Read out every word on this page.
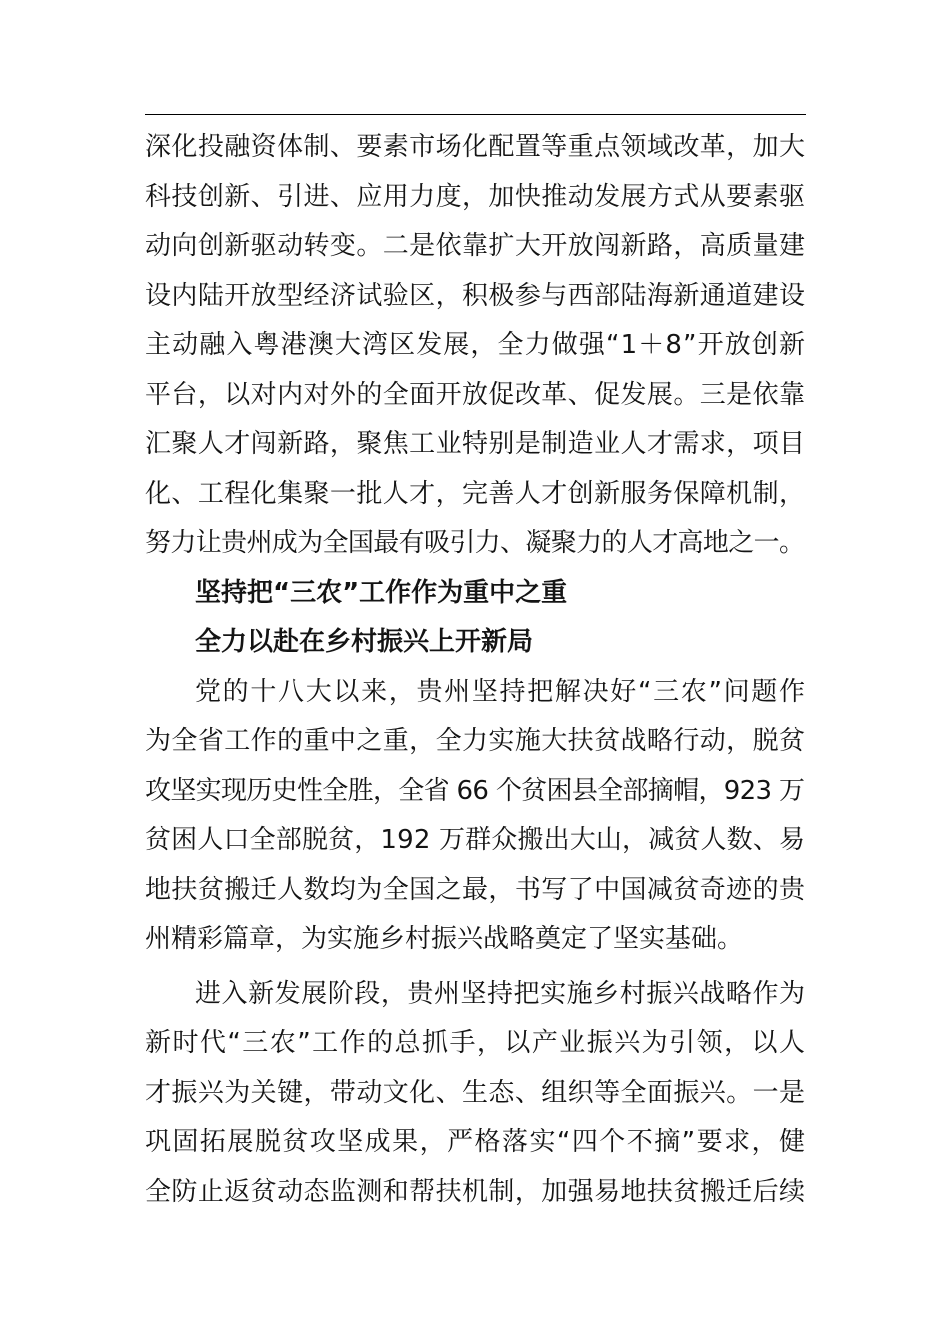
深化投融资体制、要素市场化配置等重点领域改革，加大
科技创新、引进、应用力度，加快推动发展方式从要素驱
动向创新驱动转变。二是依靠扩大开放闯新路，高质量建
设内陆开放型经济试验区，积极参与西部陆海新通道建设
主动融入粤港澳大湾区发展，全力做强“1＋8”开放创新
平台，以对内对外的全面开放促改革、促发展。三是依靠
汇聚人才闯新路，聚焦工业特别是制造业人才需求，项目
化、工程化集聚一批人才，完善人才创新服务保障机制，
努力让贵州成为全国最有吸引力、凝聚力的人才高地之一。
坚持把“三农”工作作为重中之重
全力以赴在乡村振兴上开新局
党的十八大以来，贵州坚持把解决好“三农”问题作
为全省工作的重中之重，全力实施大扶贫战略行动，脱贫
攻坚实现历史性全胜，全省 66 个贫困县全部摘帽，923 万
贫困人口全部脱贫，192 万群众搬出大山，减贫人数、易
地扶贫搬迁人数均为全国之最，书写了中国减贫奇迹的贵
州精彩篇章，为实施乡村振兴战略奠定了坚实基础。
进入新发展阶段，贵州坚持把实施乡村振兴战略作为
新时代“三农”工作的总抓手，以产业振兴为引领，以人
才振兴为关键，带动文化、生态、组织等全面振兴。一是
巩固拓展脱贫攻坚成果，严格落实“四个不摘”要求，健
全防止返贫动态监测和帮扶机制，加强易地扶贫搬迁后续
